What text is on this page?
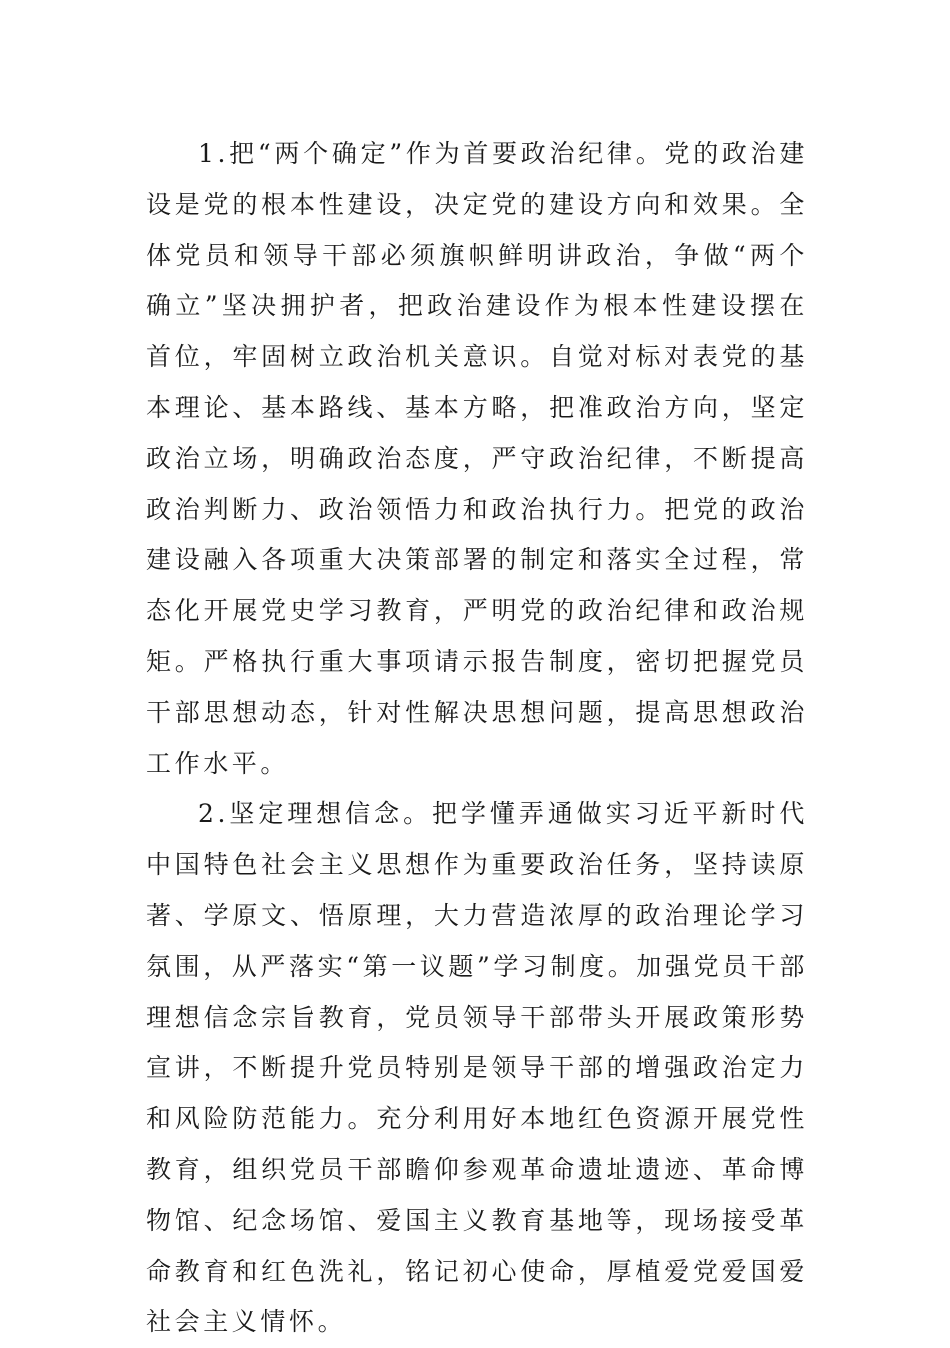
1.把“两个确定”作为首要政治纪律。党的政治建设是党的根本性建设，决定党的建设方向和效果。全体党员和领导干部必须旗帜鲜明讲政治，争做“两个确立”坚决拥护者，把政治建设作为根本性建设摆在首位，牢固树立政治机关意识。自觉对标对表党的基本理论、基本路线、基本方略，把准政治方向，坚定政治立场，明确政治态度，严守政治纪律，不断提高政治判断力、政治领悟力和政治执行力。把党的政治建设融入各项重大决策部署的制定和落实全过程，常态化开展党史学习教育，严明党的政治纪律和政治规矩。严格执行重大事项请示报告制度，密切把握党员干部思想动态，针对性解决思想问题，提高思想政治工作水平。

2.坚定理想信念。把学懂弄通做实习近平新时代中国特色社会主义思想作为重要政治任务，坚持读原著、学原文、悟原理，大力营造浓厚的政治理论学习氛围，从严落实“第一议题”学习制度。加强党员干部理想信念宗旨教育，党员领导干部带头开展政策形势宣讲，不断提升党员特别是领导干部的增强政治定力和风险防范能力。充分利用好本地红色资源开展党性教育，组织党员干部瞻仰参观革命遗址遗迹、革命博物馆、纪念场馆、爱国主义教育基地等，现场接受革命教育和红色洗礼，铭记初心使命，厚植爱党爱国爱社会主义情怀。
